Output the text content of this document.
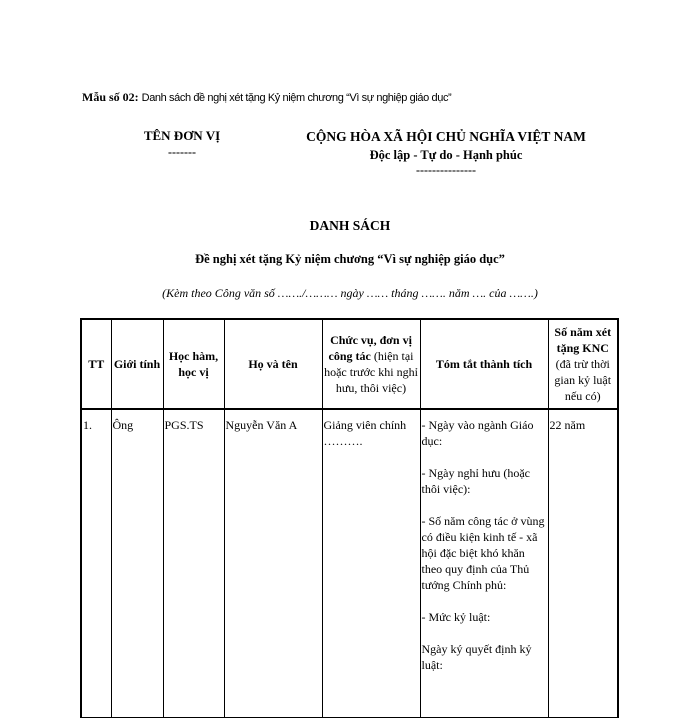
Mẫu số 02: Danh sách đề nghị xét tặng Kỷ niệm chương “Vì sự nghiệp giáo dục”
TÊN ĐƠN VỊ
-------
CỘNG HÒA XÃ HỘI CHỦ NGHĨA VIỆT NAM
Độc lập - Tự do - Hạnh phúc
---------------
DANH SÁCH
Đề nghị xét tặng Kỷ niệm chương “Vì sự nghiệp giáo dục”
(Kèm theo Công văn số ……./……… ngày …… tháng ……. năm …. của …….)
TT	Giới tính	Học hàm, học vị	Họ và tên	Chức vụ, đơn vị công tác (hiện tại hoặc trước khi nghỉ hưu, thôi việc)	Tóm tắt thành tích	Số năm xét tặng KNC
(đã trừ thời gian kỷ luật nếu có)

1.	Ông	PGS.TS	Nguyễn Văn A	Giảng viên chính ……….	- Ngày vào ngành Giáo dục:

- Ngày nghỉ hưu (hoặc thôi việc):

- Số năm công tác ở vùng có điều kiện kinh tế - xã hội đặc biệt khó khăn theo quy định của Thủ tướng Chính phủ:

- Mức kỷ luật:

Ngày ký quyết định kỷ luật:	22 năm
